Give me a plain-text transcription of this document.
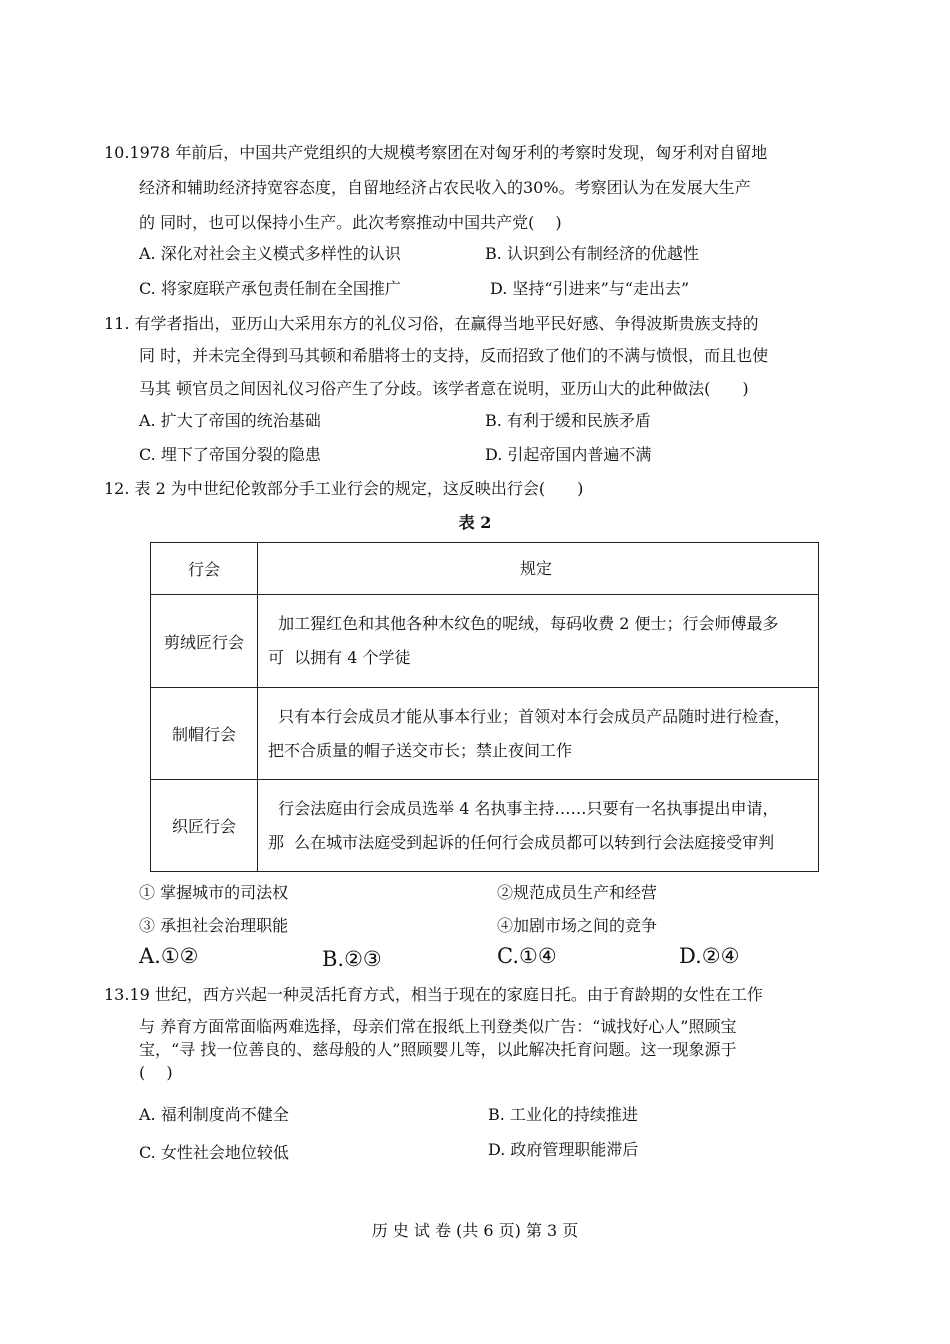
10.1978 年前后，中国共产党组织的大规模考察团在对匈牙利的考察时发现，匈牙利对自留地
经济和辅助经济持宽容态度，自留地经济占农民收入的30%。考察团认为在发展大生产
的 同时，也可以保持小生产。此次考察推动中国共产党(　 )
A. 深化对社会主义模式多样性的认识	B. 认识到公有制经济的优越性
C. 将家庭联产承包责任制在全国推广	D. 坚持“引进来”与“走出去”
11. 有学者指出，亚历山大采用东方的礼仪习俗，在赢得当地平民好感、争得波斯贵族支持的
同 时，并未完全得到马其顿和希腊将士的支持，反而招致了他们的不满与愤恨，而且也使
马其 顿官员之间因礼仪习俗产生了分歧。该学者意在说明，亚历山大的此种做法(　　)
A. 扩大了帝国的统治基础	B. 有利于缓和民族矛盾
C. 埋下了帝国分裂的隐患	D. 引起帝国内普遍不满
12. 表 2 为中世纪伦敦部分手工业行会的规定，这反映出行会(　　)
表 2
行会	规定
剪绒匠行会	加工猩红色和其他各种木纹色的呢绒，每码收费 2 便士；行会师傅最多
可  以拥有 4 个学徒

制帽行会	只有本行会成员才能从事本行业；首领对本行会成员产品随时进行检查，
把不合质量的帽子送交市长；禁止夜间工作

织匠行会	行会法庭由行会成员选举 4 名执事主持……只要有一名执事提出申请，
那  么在城市法庭受到起诉的任何行会成员都可以转到行会法庭接受审判
① 掌握城市的司法权	②规范成员生产和经营
③ 承担社会治理职能	④加剧市场之间的竞争
A.①②	B.②③	C.①④	D.②④
13.19 世纪，西方兴起一种灵活托育方式，相当于现在的家庭日托。由于育龄期的女性在工作
与 养育方面常面临两难选择，母亲们常在报纸上刊登类似广告：“诚找好心人”照顾宝
宝，“寻 找一位善良的、慈母般的人”照顾婴儿等，以此解决托育问题。这一现象源于
(　 )
A. 福利制度尚不健全	B. 工业化的持续推进
C. 女性社会地位较低	D. 政府管理职能滞后
历 史 试 卷 (共 6 页) 第 3 页
